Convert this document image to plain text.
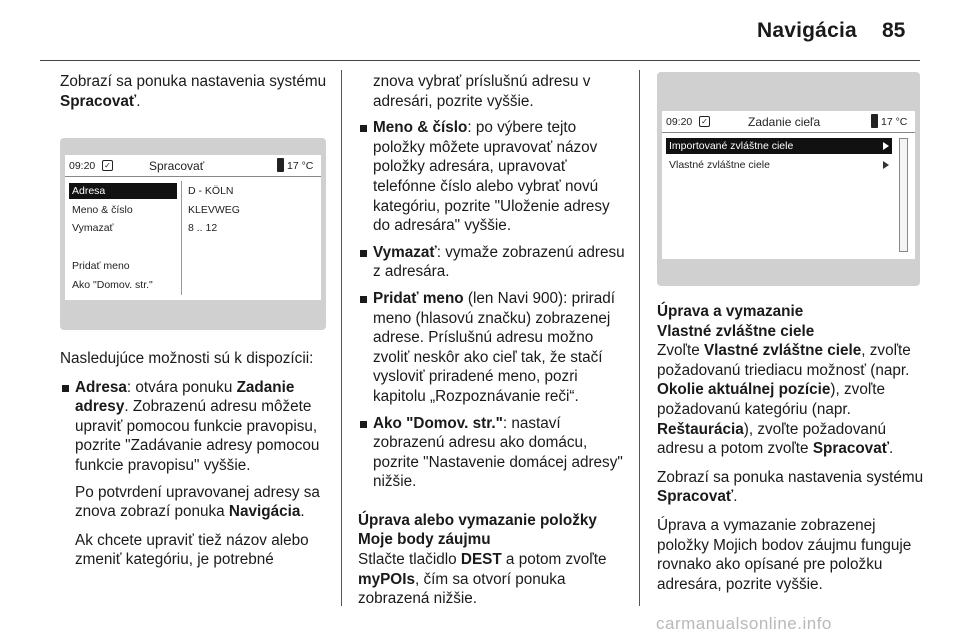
Navigácia 85

Zobrazí sa ponuka nastavenia systému Spracovať.

09:20 ✓	Spracovať	17 °C
Adresa
Meno & číslo
Vymazať
Pridať meno
Ako "Domov. str."
D - KÖLN
KLEVWEG
8 .. 12

Nasledujúce možnosti sú k dispozícii:

Adresa: otvára ponuku Zadanie adresy. Zobrazenú adresu môžete upraviť pomocou funkcie pravopisu, pozrite "Zadávanie adresy pomocou funkcie pravopisu" vyššie.

Po potvrdení upravovanej adresy sa znova zobrazí ponuka Navigácia.

Ak chcete upraviť tiež názov alebo zmeniť kategóriu, je potrebné

znova vybrať príslušnú adresu v adresári, pozrite vyššie.

Meno & číslo: po výbere tejto položky môžete upravovať názov položky adresára, upravovať telefónne číslo alebo vybrať novú kategóriu, pozrite "Uloženie adresy do adresára" vyššie.
Vymazať: vymaže zobrazenú adresu z adresára.
Pridať meno (len Navi 900): priradí meno (hlasovú značku) zobrazenej adrese. Príslušnú adresu možno zvoliť neskôr ako cieľ tak, že stačí vysloviť priradené meno, pozri kapitolu „Rozpoznávanie reči“.
Ako "Domov. str.": nastaví zobrazenú adresu ako domácu, pozrite "Nastavenie domácej adresy" nižšie.
Úprava alebo vymazanie položky Moje body záujmu

Stlačte tlačidlo DEST a potom zvoľte myPOIs, čím sa otvorí ponuka zobrazená nižšie.

09:20 ✓	Zadanie cieľa	17 °C
Importované zvláštne ciele
Vlastné zvláštne ciele
Úprava a vymazanie
Vlastné zvláštne ciele

Zvoľte Vlastné zvláštne ciele, zvoľte požadovanú triediacu možnosť (napr. Okolie aktuálnej pozície), zvoľte požadovanú kategóriu (napr. Reštaurácia), zvoľte požadovanú adresu a potom zvoľte Spracovať.

Zobrazí sa ponuka nastavenia systému Spracovať.

Úprava a vymazanie zobrazenej položky Mojich bodov záujmu funguje rovnako ako opísané pre položku adresára, pozrite vyššie.

carmanualsonline.info
